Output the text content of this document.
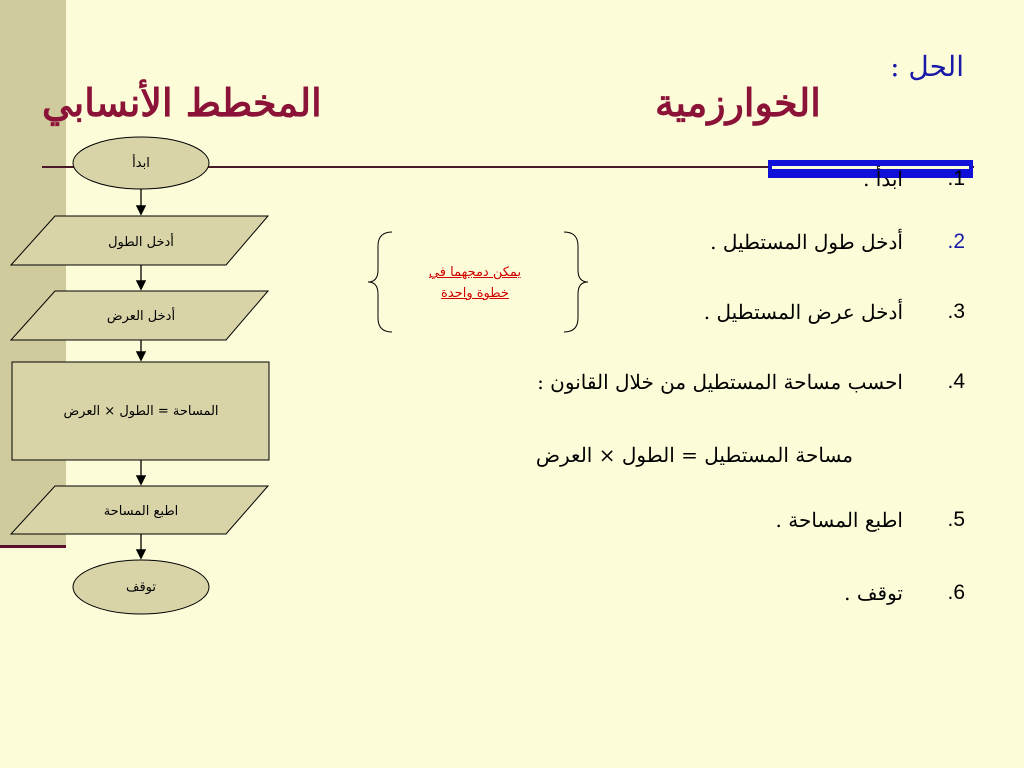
الحل :
الخوارزمية
المخطط الأنسابي
1.
ابدأ .
2.
أدخل طول المستطيل .
3.
أدخل عرض المستطيل .
4.
احسب مساحة المستطيل من خلال القانون :
مساحة المستطيل = الطول × العرض
5.
اطبع المساحة .
6.
توقف .
ابدأ
أدخل الطول
أدخل العرض
المساحة = الطول × العرض
اطبع المساحة
توقف
يمكن دمجهما في
خطوة واحدة
